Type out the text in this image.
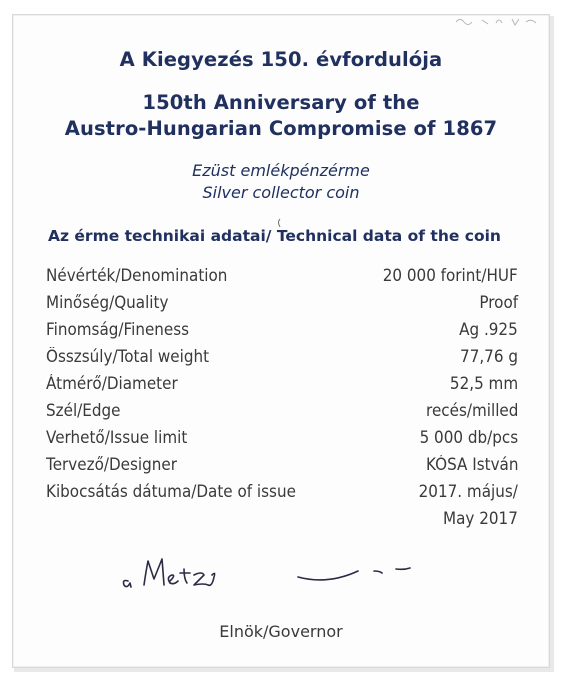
A Kiegyezés 150. évfordulója
150th Anniversary of the
Austro-Hungarian Compromise of 1867
Ezüst emlékpénzérme
Silver collector coin
Az érme technikai adatai/ Technical data of the coin
Névérték/Denomination	20 000 forint/HUF
Minőség/Quality	Proof
Finomság/Fineness	Ag .925
Összsúly/Total weight	77,76 g
Átmérő/Diameter	52,5 mm
Szél/Edge	recés/milled
Verhető/Issue limit	5 000 db/pcs
Tervező/Designer	KÓSA István
Kibocsátás dátuma/Date of issue	2017. május/
May 2017
Elnök/Governor
